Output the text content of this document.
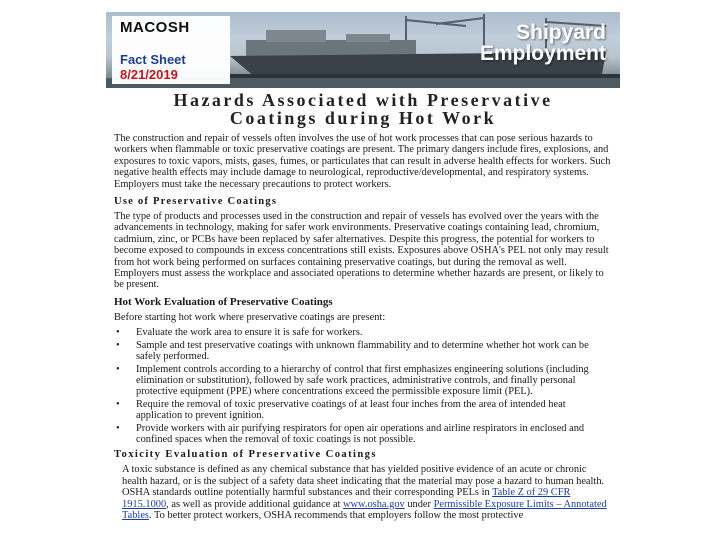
MACOSH
Fact Sheet
8/21/2019
Shipyard
Employment
Hazards Associated with Preservative
Coatings during Hot Work

The construction and repair of vessels often involves the use of hot work processes that can pose serious hazards to workers when flammable or toxic preservative coatings are present. The primary dangers include fires, explosions, and exposures to toxic vapors, mists, gases, fumes, or particulates that can result in adverse health effects for workers. Such negative health effects may include damage to neurological, reproductive/developmental, and respiratory systems. Employers must take the necessary precautions to protect workers.

Use of Preservative Coatings

The type of products and processes used in the construction and repair of vessels has evolved over the years with the advancements in technology, making for safer work environments. Preservative coatings containing lead, chromium, cadmium, zinc, or PCBs have been replaced by safer alternatives. Despite this progress, the potential for workers to become exposed to compounds in excess concentrations still exists. Exposures above OSHA's PEL not only may result from hot work being performed on surfaces containing preservative coatings, but during the removal as well. Employers must assess the workplace and associated operations to determine whether hazards are present, or likely to be present.

Hot Work Evaluation of Preservative Coatings

Before starting hot work where preservative coatings are present:

• Evaluate the work area to ensure it is safe for workers.
• Sample and test preservative coatings with unknown flammability and to determine whether hot work can be safely performed.
• Implement controls according to a hierarchy of control that first emphasizes engineering solutions (including elimination or substitution), followed by safe work practices, administrative controls, and finally personal protective equipment (PPE) where concentrations exceed the permissible exposure limit (PEL).
• Require the removal of toxic preservative coatings of at least four inches from the area of intended heat application to prevent ignition.
• Provide workers with air purifying respirators for open air operations and airline respirators in enclosed and confined spaces when the removal of toxic coatings is not possible.
Toxicity Evaluation of Preservative Coatings

A toxic substance is defined as any chemical substance that has yielded positive evidence of an acute or chronic health hazard, or is the subject of a safety data sheet indicating that the material may pose a hazard to human health. OSHA standards outline potentially harmful substances and their corresponding PELs in Table Z of 29 CFR 1915.1000, as well as provide additional guidance at www.osha.gov under Permissible Exposure Limits – Annotated Tables. To better protect workers, OSHA recommends that employers follow the most protective
